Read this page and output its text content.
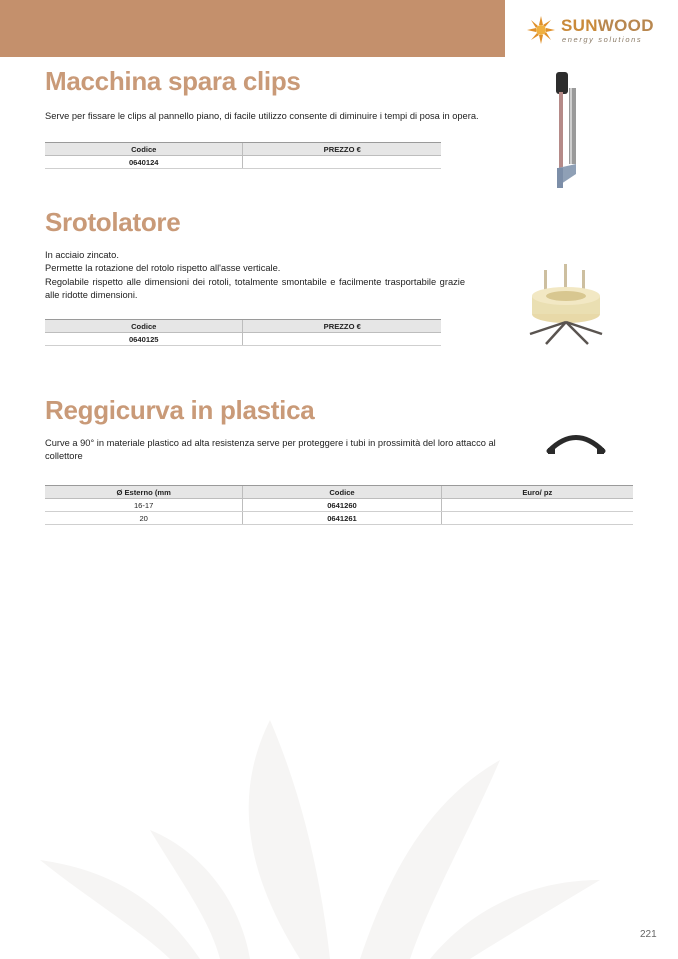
SUNWOOD
energy solutions
Macchina spara clips

Serve per fissare le clips al pannello piano, di facile utilizzo consente di diminuire i tempi di posa in opera.

Codice	PREZZO €
0640124	
Srotolatore

In acciaio zincato.

Permette la rotazione del rotolo rispetto all'asse verticale.

Regolabile rispetto alle dimensioni dei rotoli, totalmente smontabile e facilmente trasportabile grazie alle ridotte dimensioni.

Codice	PREZZO €
0640125	
Reggicurva in plastica

Curve a 90° in materiale plastico ad alta resistenza serve per proteggere i tubi in prossimità del loro attacco al collettore

Ø Esterno (mm	Codice	Euro/ pz
16-17	0641260	
20	0641261	
221
